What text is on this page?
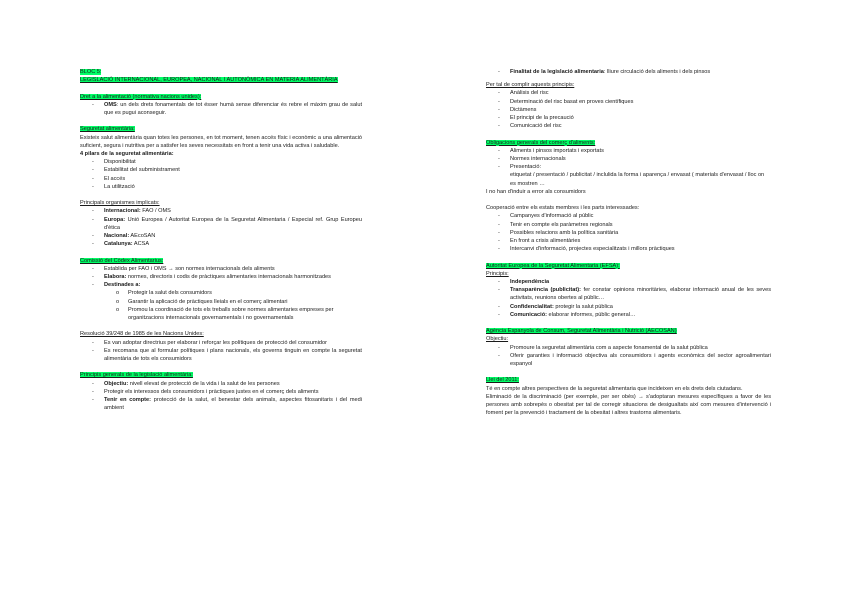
BLOC 5:
LEGISLACIÓ INTERNACIONAL, EUROPEA, NACIONAL I AUTONÒMICA EN MATERIA ALIMENTÀRIA
Dret a la alimentació (normativa nacions unides):
- OMS: un dels drets fonamentals de tot ésser humà sense diferenciar és rebre el màxim grau de salut que es pugui aconseguir.
Seguretat alimentària:
Existeix salut alimentària quan totes les persones, en tot moment, tenen accés físic i econòmic a una alimentació suficient, segura i nutritiva per a satisfer les seves necessitats en front a tenir una vida activa i saludable.
4 pilars de la seguretat alimentària:
- Disponibilitat
- Estabilitat del subministrament
- El accés
- La utilització
Principals organismes implicats:
- Internacional: FAO / OMS
- Europa: Unió Europea / Autoritat Europea de la Seguretat Alimentaria / Especial ref. Grup Europeu d'ètica
- Nacional: AEcoSAN
- Catalunya: ACSA
Comissió del Còdex Alimentarius:
- Establida per FAO i OMS → son normes internacionals dels aliments
- Elabora: normes, directoris i codis de pràctiques alimentaries internacionals harmonitzades
- Destinades a:
o Protegir la salut dels consumidors
o Garantir la aplicació de pràctiques lleials en el comerç alimentari
o Promou la coordinació de tots els treballs sobre normes alimentaries empreses per organitzacions internacionals governamentals i no governamentals
Resolució 39/248 de 1985 de les Nacions Unides:
- Es van adoptar directrius per elaborar i reforçar les polítiques de protecció del consumidor
- Es recomana que al formular polítiques i plans nacionals, els governs tinguin en compte la seguretat alimentària de tots els consumidors
Principis generals de la legislació alimentària:
- Objectiu: nivell elevat de protecció de la vida i la salut de les persones
- Protegir els interessos dels consumidors i pràctiques justes en el comerç dels aliments
- Tenir en compte: protecció de la salut, el benestar dels animals, aspectes fitosanitaris i del medi ambient
- Finalitat de la legislació alimentaria: lliure circulació dels aliments i dels pinsos
Per tal de complir aquests principis:
- Anàlisis del risc
- Determinació del risc basat en proves científiques
- Dictàmens
- El principi de la precaució
- Comunicació del risc
Obligacions generals del comerç d'aliments:
- Aliments i pinsos importats i exportats
- Normes internacionals
- Presentació:
etiquetat / presentació / publicitat / inclulida la forma i aparença / envasat ( materials d'envasat / lloc on es mostren …
I no han d'induir a error als consumidors
Cooperació entre els estats membres i les parts interessades:
- Campanyes d'informació al públic
- Tenir en compte els paràmetres regionals
- Possibles relacions amb la política sanitària
- En front a crisis alimentàries
- Intercanvi d'informació, projectes especialitzats i millors pràctiques
Autoritat Europea de la Seguretat Alimentaria (EFSA):
Principis:
- Independència
- Transparència (publicitat): fer constar opinions minoritàries, elaborar informació anual de les seves activitats, reunions obertes al públic…
- Confidencialitat: protegir la salut pública
- Comunicació: elaborar informes, públic general…
Agència Espanyola de Consum, Seguretat Alimentària i Nutrició (AECOSAN)
Objectiu:
- Promoure la seguretat alimentària com a aspecte fonamental de la salut pública
- Oferir garanties i informació objectiva als consumidors i agents econòmics del sector agroalimentari espanyol
Llei del 2011:
Té en compte altres perspectives de la seguretat alimentaria que incideixen en els drets dels ciutadans.
Eliminació de la discriminació (per exemple, per ser obès) → s'adoptaran mesures específiques a favor de les persones amb sobrepès o obesitat per tal de corregir situacions de desigualtats així com mesures d'intervenció i foment per la prevenció i tractament de la obesitat i altres trastorns alimentaris.
